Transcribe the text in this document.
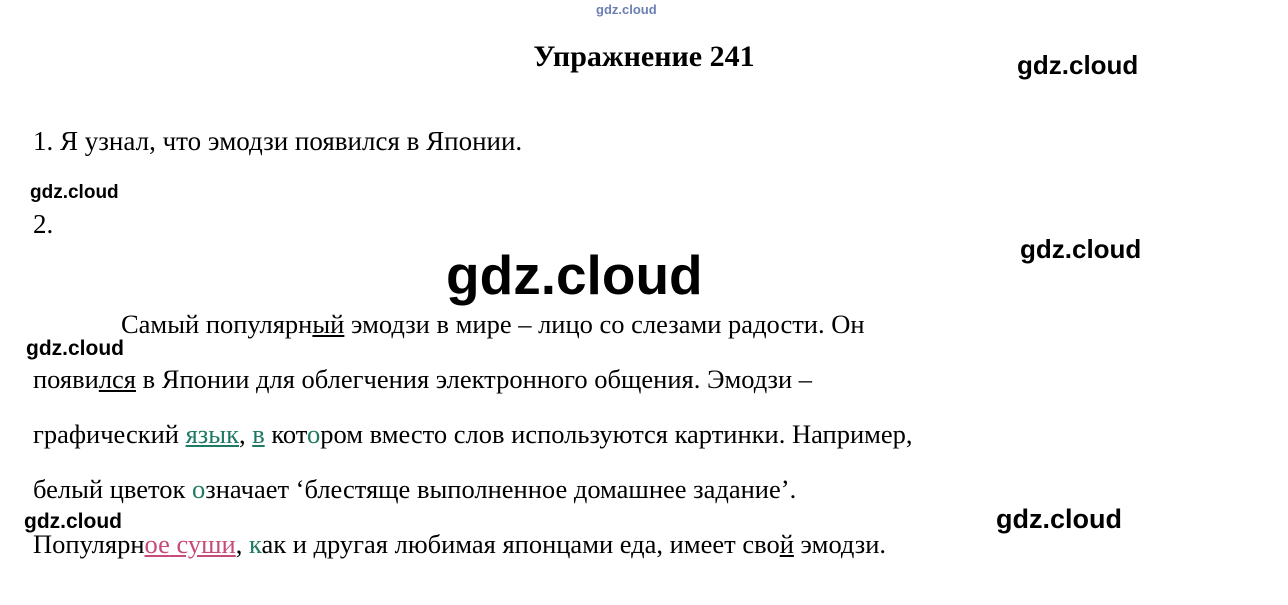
gdz.cloud
Упражнение 241	gdz.cloud
1. Я узнал, что эмодзи появился в Японии.
gdz.cloud
2.
gdz.cloud
gdz.cloud
Самый популярный эмодзи в мире – лицо со слезами радости. Он
появился в Японии для облегчения электронного общения. Эмодзи –
графический язык, в котором вместо слов используются картинки. Например,
белый цветок означает ‘блестяще выполненное домашнее задание’.
Популярное суши, как и другая любимая японцами еда, имеет свой эмодзи.
gdz.cloud
gdz.cloud	gdz.cloud
